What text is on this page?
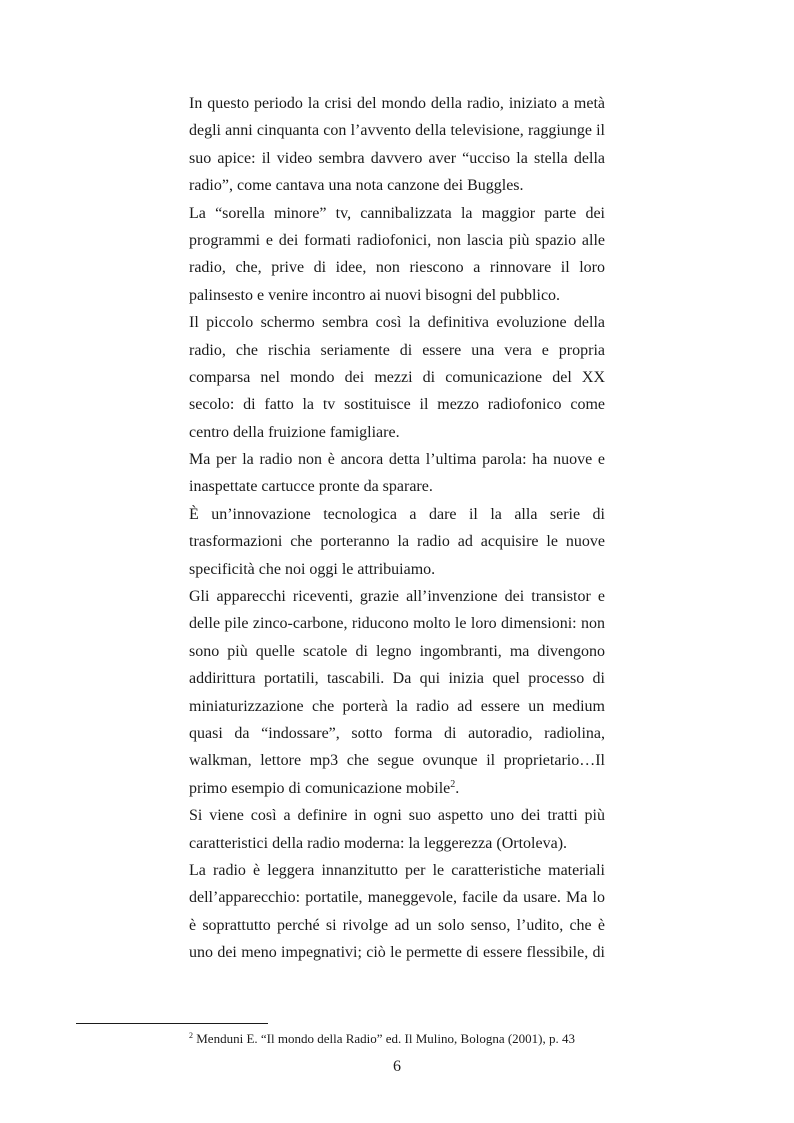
In questo periodo la crisi del mondo della radio, iniziato a metà
degli anni cinquanta con l’avvento della televisione, raggiunge il
suo apice: il video sembra davvero aver “ucciso la stella della
radio”, come cantava una nota canzone dei Buggles.

La “sorella minore” tv, cannibalizzata la maggior parte dei
programmi e dei formati radiofonici, non lascia più spazio alle
radio, che, prive di idee, non riescono a rinnovare il loro
palinsesto e venire incontro ai nuovi bisogni del pubblico.

Il piccolo schermo sembra così la definitiva evoluzione della
radio, che rischia seriamente di essere una vera e propria
comparsa nel mondo dei mezzi di comunicazione del XX
secolo: di fatto la tv sostituisce il mezzo radiofonico come
centro della fruizione famigliare.

Ma per la radio non è ancora detta l’ultima parola: ha nuove e
inaspettate cartucce pronte da sparare.

È un’innovazione tecnologica a dare il la alla serie di
trasformazioni che porteranno la radio ad acquisire le nuove
specificità che noi oggi le attribuiamo.

Gli apparecchi riceventi, grazie all’invenzione dei transistor e
delle pile zinco-carbone, riducono molto le loro dimensioni: non
sono più quelle scatole di legno ingombranti, ma divengono
addirittura portatili, tascabili. Da qui inizia quel processo di
miniaturizzazione che porterà la radio ad essere un medium
quasi da “indossare”, sotto forma di autoradio, radiolina,
walkman, lettore mp3 che segue ovunque il proprietario…Il
primo esempio di comunicazione mobile$^2$.

Si viene così a definire in ogni suo aspetto uno dei tratti più
caratteristici della radio moderna: la leggerezza (Ortoleva).

La radio è leggera innanzitutto per le caratteristiche materiali
dell’apparecchio: portatile, maneggevole, facile da usare. Ma lo
è soprattutto perché si rivolge ad un solo senso, l’udito, che è
uno dei meno impegnativi; ciò le permette di essere flessibile, di

$^2$ Menduni E. “Il mondo della Radio” ed. Il Mulino, Bologna (2001), p. 43
6
